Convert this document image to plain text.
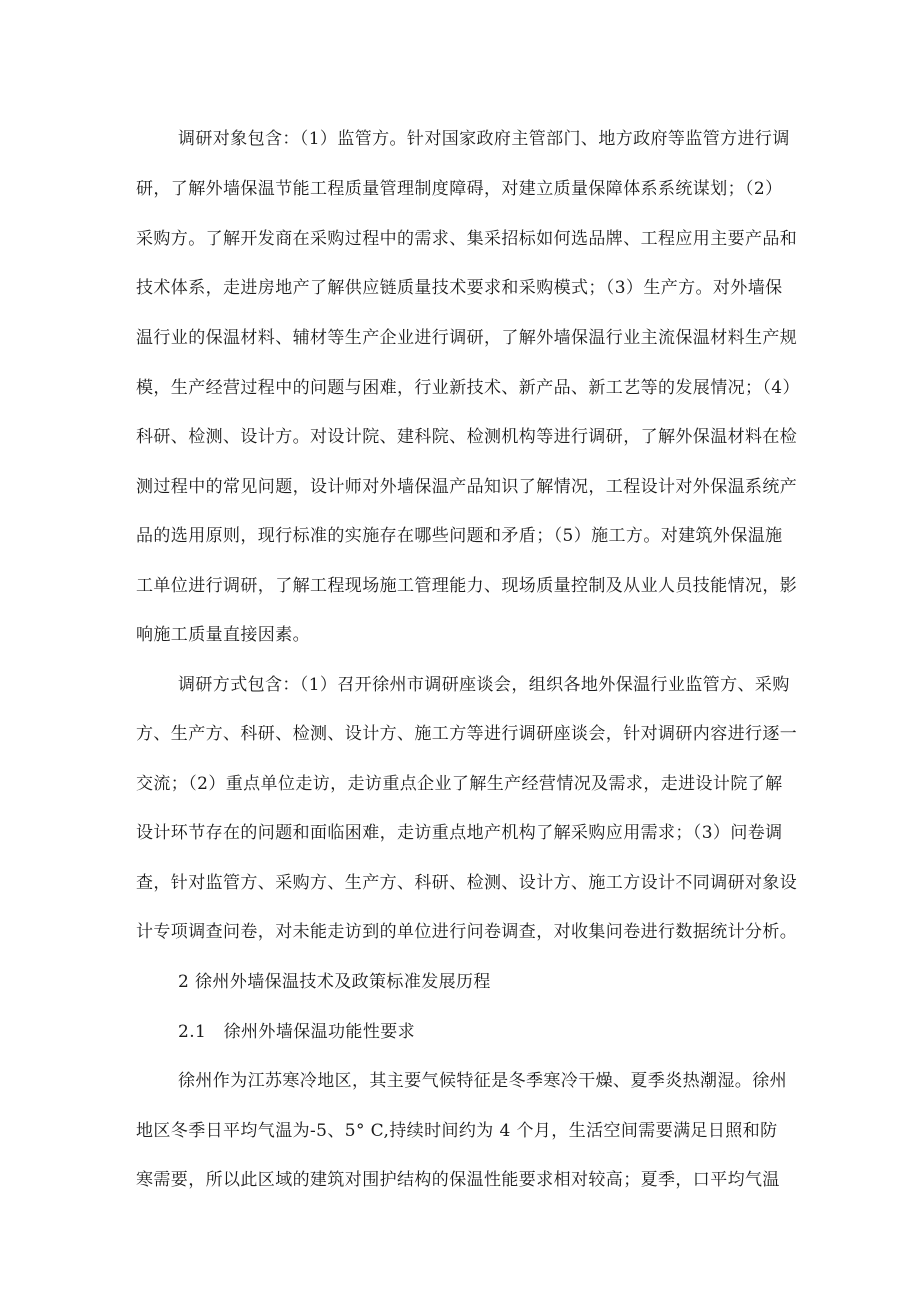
调研对象包含：（1）监管方。针对国家政府主管部门、地方政府等监管方进行调
研，了解外墙保温节能工程质量管理制度障碍，对建立质量保障体系系统谋划；（2）
采购方。了解开发商在采购过程中的需求、集采招标如何选品牌、工程应用主要产品和
技术体系，走进房地产了解供应链质量技术要求和采购模式；（3）生产方。对外墙保
温行业的保温材料、辅材等生产企业进行调研，了解外墙保温行业主流保温材料生产规
模，生产经营过程中的问题与困难，行业新技术、新产品、新工艺等的发展情况；（4）
科研、检测、设计方。对设计院、建科院、检测机构等进行调研，了解外保温材料在检
测过程中的常见问题，设计师对外墙保温产品知识了解情况，工程设计对外保温系统产
品的选用原则，现行标准的实施存在哪些问题和矛盾；（5）施工方。对建筑外保温施
工单位进行调研，了解工程现场施工管理能力、现场质量控制及从业人员技能情况，影
响施工质量直接因素。
调研方式包含：（1）召开徐州市调研座谈会，组织各地外保温行业监管方、采购
方、生产方、科研、检测、设计方、施工方等进行调研座谈会，针对调研内容进行逐一
交流；（2）重点单位走访，走访重点企业了解生产经营情况及需求，走进设计院了解
设计环节存在的问题和面临困难，走访重点地产机构了解采购应用需求；（3）问卷调
查，针对监管方、采购方、生产方、科研、检测、设计方、施工方设计不同调研对象设
计专项调查问卷，对未能走访到的单位进行问卷调查，对收集问卷进行数据统计分析。
2 徐州外墙保温技术及政策标准发展历程
2.1　徐州外墙保温功能性要求
徐州作为江苏寒冷地区，其主要气候特征是冬季寒冷干燥、夏季炎热潮湿。徐州
地区冬季日平均气温为-5、5° C,持续时间约为 4 个月，生活空间需要满足日照和防
寒需要，所以此区域的建筑对围护结构的保温性能要求相对较高；夏季，口平均气温
